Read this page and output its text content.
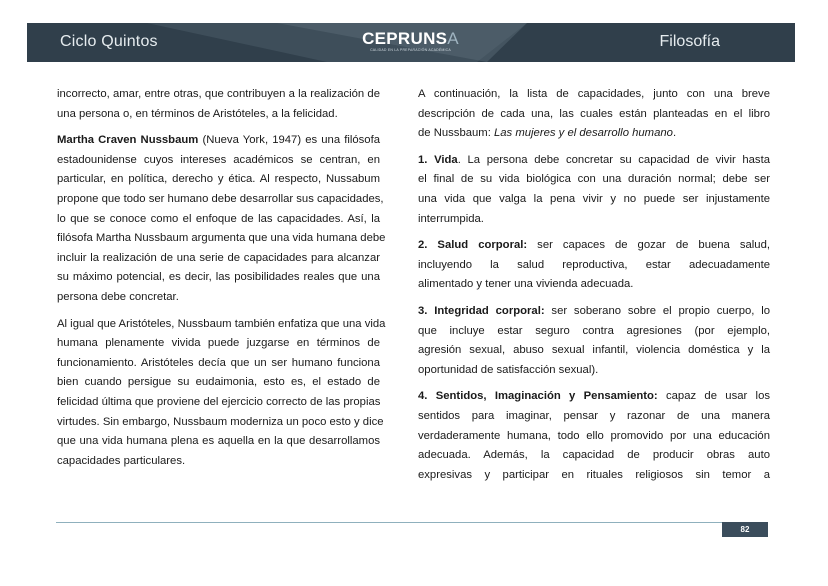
Ciclo Quintos	CEPRUNSA
CALIDAD EN LA PREPARACIÓN ACADÉMICA	Filosofía
incorrecto, amar, entre otras, que contribuyen a la realización de
una persona o, en términos de Aristóteles, a la felicidad.
Martha Craven Nussbaum (Nueva York, 1947) es una filósofa
estadounidense cuyos intereses académicos se centran, en
particular, en política, derecho y ética. Al respecto, Nussabum
propone que todo ser humano debe desarrollar sus capacidades,
lo que se conoce como el enfoque de las capacidades. Así, la
filósofa Martha Nussbaum argumenta que una vida humana debe
incluir la realización de una serie de capacidades para alcanzar
su máximo potencial, es decir, las posibilidades reales que una
persona debe concretar.
Al igual que Aristóteles, Nussbaum también enfatiza que una vida
humana plenamente vivida puede juzgarse en términos de
funcionamiento. Aristóteles decía que un ser humano funciona
bien cuando persigue su eudaimonia, esto es, el estado de
felicidad última que proviene del ejercicio correcto de las propias
virtudes. Sin embargo, Nussbaum moderniza un poco esto y dice
que una vida humana plena es aquella en la que desarrollamos
capacidades particulares.
A continuación, la lista de capacidades, junto con una breve
descripción de cada una, las cuales están planteadas en el libro
de Nussbaum: Las mujeres y el desarrollo humano.
1. Vida. La persona debe concretar su capacidad de vivir hasta
el final de su vida biológica con una duración normal; debe ser
una vida que valga la pena vivir y no puede ser injustamente
interrumpida.
2. Salud corporal: ser capaces de gozar de buena salud,
incluyendo la salud reproductiva, estar adecuadamente
alimentado y tener una vivienda adecuada.
3. Integridad corporal: ser soberano sobre el propio cuerpo, lo
que incluye estar seguro contra agresiones (por ejemplo,
agresión sexual, abuso sexual infantil, violencia doméstica y la
oportunidad de satisfacción sexual).
4. Sentidos, Imaginación y Pensamiento: capaz de usar los
sentidos para imaginar, pensar y razonar de una manera
verdaderamente humana, todo ello promovido por una educación
adecuada. Además, la capacidad de producir obras auto
expresivas y participar en rituales religiosos sin temor a
82
